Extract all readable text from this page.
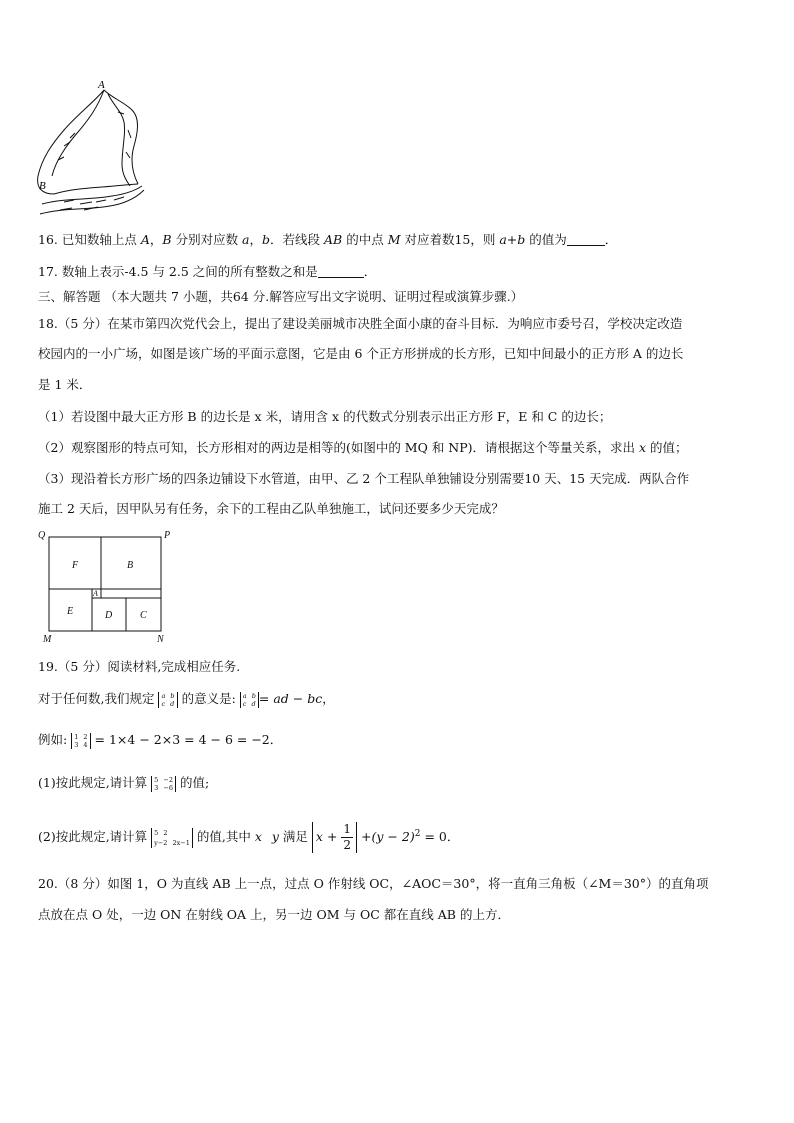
A
B
16. 已知数轴上点 A，B 分别对应数 a，b．若线段 AB 的中点 M 对应着数15，则 a+b 的值为	．
17. 数轴上表示-4.5 与 2.5 之间的所有整数之和是	．
三、解答题 （本大题共 7 小题，共64 分.解答应写出文字说明、证明过程或演算步骤.）
18.（5 分）在某市第四次党代会上，提出了建设美丽城市决胜全面小康的奋斗目标．为响应市委号召，学校决定改造
校园内的一小广场，如图是该广场的平面示意图，它是由 6 个正方形拼成的长方形，已知中间最小的正方形 A 的边长
是 1 米．
（1）若设图中最大正方形 B 的边长是 x 米，请用含 x 的代数式分别表示出正方形 F，E 和 C 的边长；
（2）观察图形的特点可知，长方形相对的两边是相等的(如图中的 MQ 和 NP)．请根据这个等量关系，求出 x 的值；
（3）现沿着长方形广场的四条边铺设下水管道，由甲、乙 2 个工程队单独铺设分别需要10 天、15 天完成．两队合作
施工 2 天后，因甲队另有任务，余下的工程由乙队单独施工，试问还要多少天完成？
Q	P
M	N
F	B
A
E	D	C
19.（5 分）阅读材料,完成相应任务.
对于任何数,我们规定 a b
c d 的意义是: a b
c d = ad − bc，
例如: 1 2
3 4 = 1×4 − 2×3 = 4 − 6 = −2．
(1)按此规定,请计算 5 −2
3 −6 的值;
(2)按此规定,请计算 5 2
y−2 2x−1 的值,其中 x y 满足 $x + \frac{1}{2} +(y - 2)^2 = 0$．
20.（8 分）如图 1，O 为直线 AB 上一点，过点 O 作射线 OC，∠AOC＝30°，将一直角三角板（∠M＝30°）的直角项
点放在点 O 处，一边 ON 在射线 OA 上，另一边 OM 与 OC 都在直线 AB 的上方．
